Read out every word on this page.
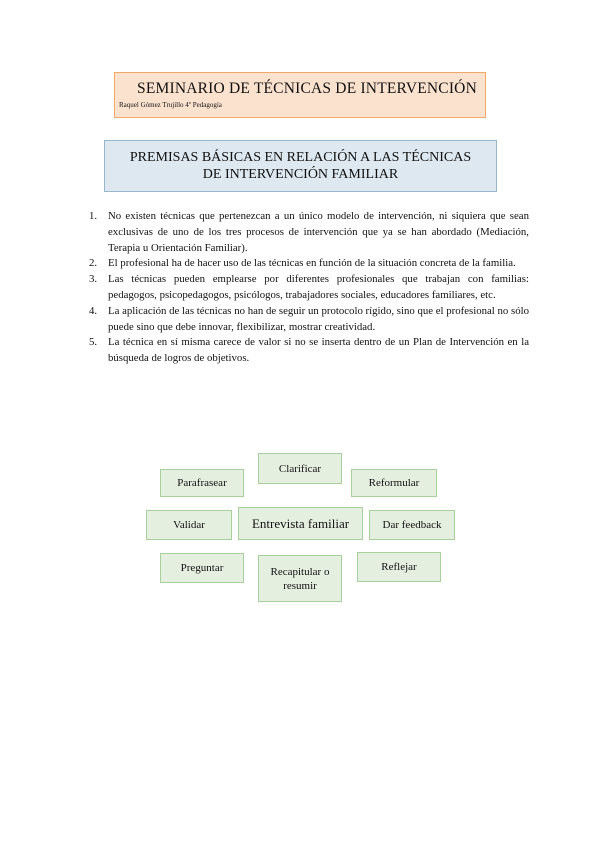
SEMINARIO DE TÉCNICAS DE INTERVENCIÓN
Raquel Gómez Trujillo 4º Pedagogía
PREMISAS BÁSICAS EN RELACIÓN A LAS TÉCNICAS DE INTERVENCIÓN FAMILIAR
1. No existen técnicas que pertenezcan a un único modelo de intervención, ni siquiera que sean exclusivas de uno de los tres procesos de intervención que ya se han abordado (Mediación, Terapia u Orientación Familiar).
2. El profesional ha de hacer uso de las técnicas en función de la situación concreta de la familia.
3. Las técnicas pueden emplearse por diferentes profesionales que trabajan con familias: pedagogos, psicopedagogos, psicólogos, trabajadores sociales, educadores familiares, etc.
4. La aplicación de las técnicas no han de seguir un protocolo rígido, sino que el profesional no sólo puede sino que debe innovar, flexibilizar, mostrar creatividad.
5. La técnica en sí misma carece de valor si no se inserta dentro de un Plan de Intervención en la búsqueda de logros de objetivos.
Clarificar
Parafrasear	Reformular
Validar	Entrevista familiar	Dar feedback
Preguntar	Recapitular o resumir
Reflejar
